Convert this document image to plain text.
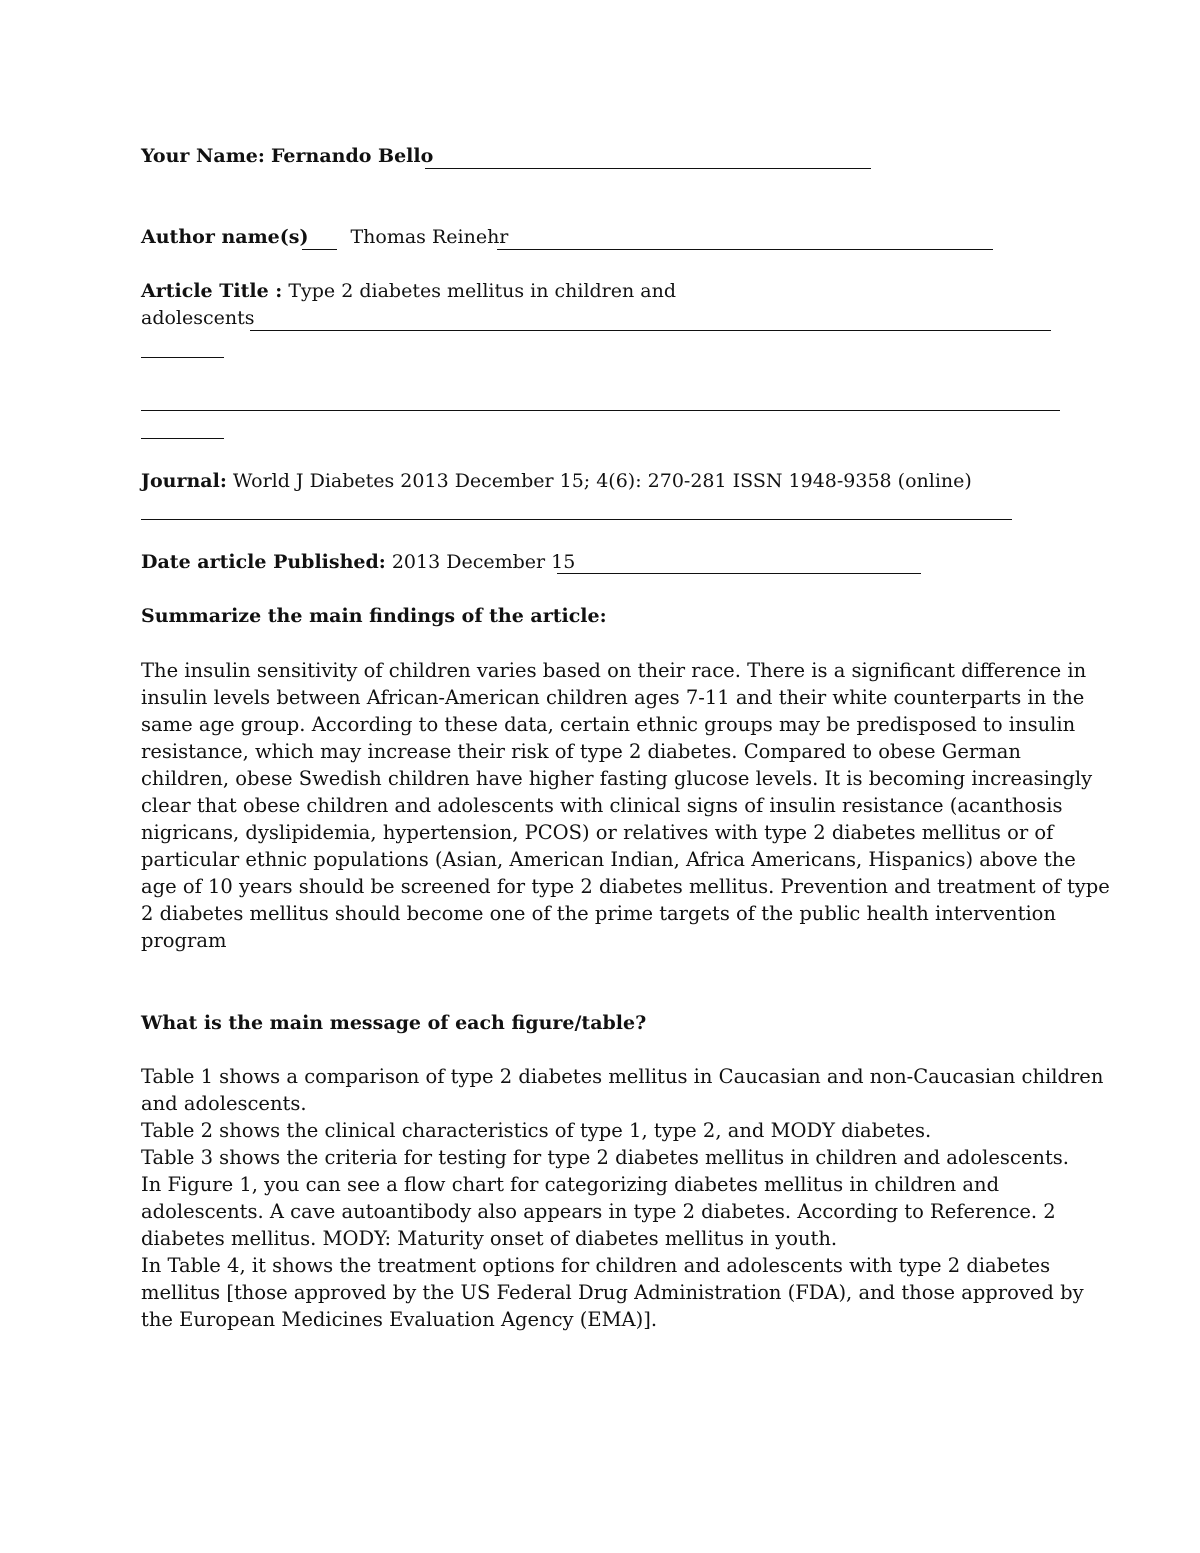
Your Name: Fernando Bello
Author name(s) Thomas Reinehr
Article Title : Type 2 diabetes mellitus in children and
adolescents
Journal: World J Diabetes 2013 December 15; 4(6): 270-281 ISSN 1948-9358 (online)
Date article Published: 2013 December 15
Summarize the main findings of the article:
The insulin sensitivity of children varies based on their race. There is a significant difference in
insulin levels between African-American children ages 7-11 and their white counterparts in the
same age group. According to these data, certain ethnic groups may be predisposed to insulin
resistance, which may increase their risk of type 2 diabetes. Compared to obese German
children, obese Swedish children have higher fasting glucose levels. It is becoming increasingly
clear that obese children and adolescents with clinical signs of insulin resistance (acanthosis
nigricans, dyslipidemia, hypertension, PCOS) or relatives with type 2 diabetes mellitus or of
particular ethnic populations (Asian, American Indian, Africa Americans, Hispanics) above the
age of 10 years should be screened for type 2 diabetes mellitus. Prevention and treatment of type
2 diabetes mellitus should become one of the prime targets of the public health intervention
program
What is the main message of each figure/table?
Table 1 shows a comparison of type 2 diabetes mellitus in Caucasian and non-Caucasian children
and adolescents.
Table 2 shows the clinical characteristics of type 1, type 2, and MODY diabetes.
Table 3 shows the criteria for testing for type 2 diabetes mellitus in children and adolescents.
In Figure 1, you can see a flow chart for categorizing diabetes mellitus in children and
adolescents. A cave autoantibody also appears in type 2 diabetes. According to Reference. 2
diabetes mellitus. MODY: Maturity onset of diabetes mellitus in youth.
In Table 4, it shows the treatment options for children and adolescents with type 2 diabetes
mellitus [those approved by the US Federal Drug Administration (FDA), and those approved by
the European Medicines Evaluation Agency (EMA)].
